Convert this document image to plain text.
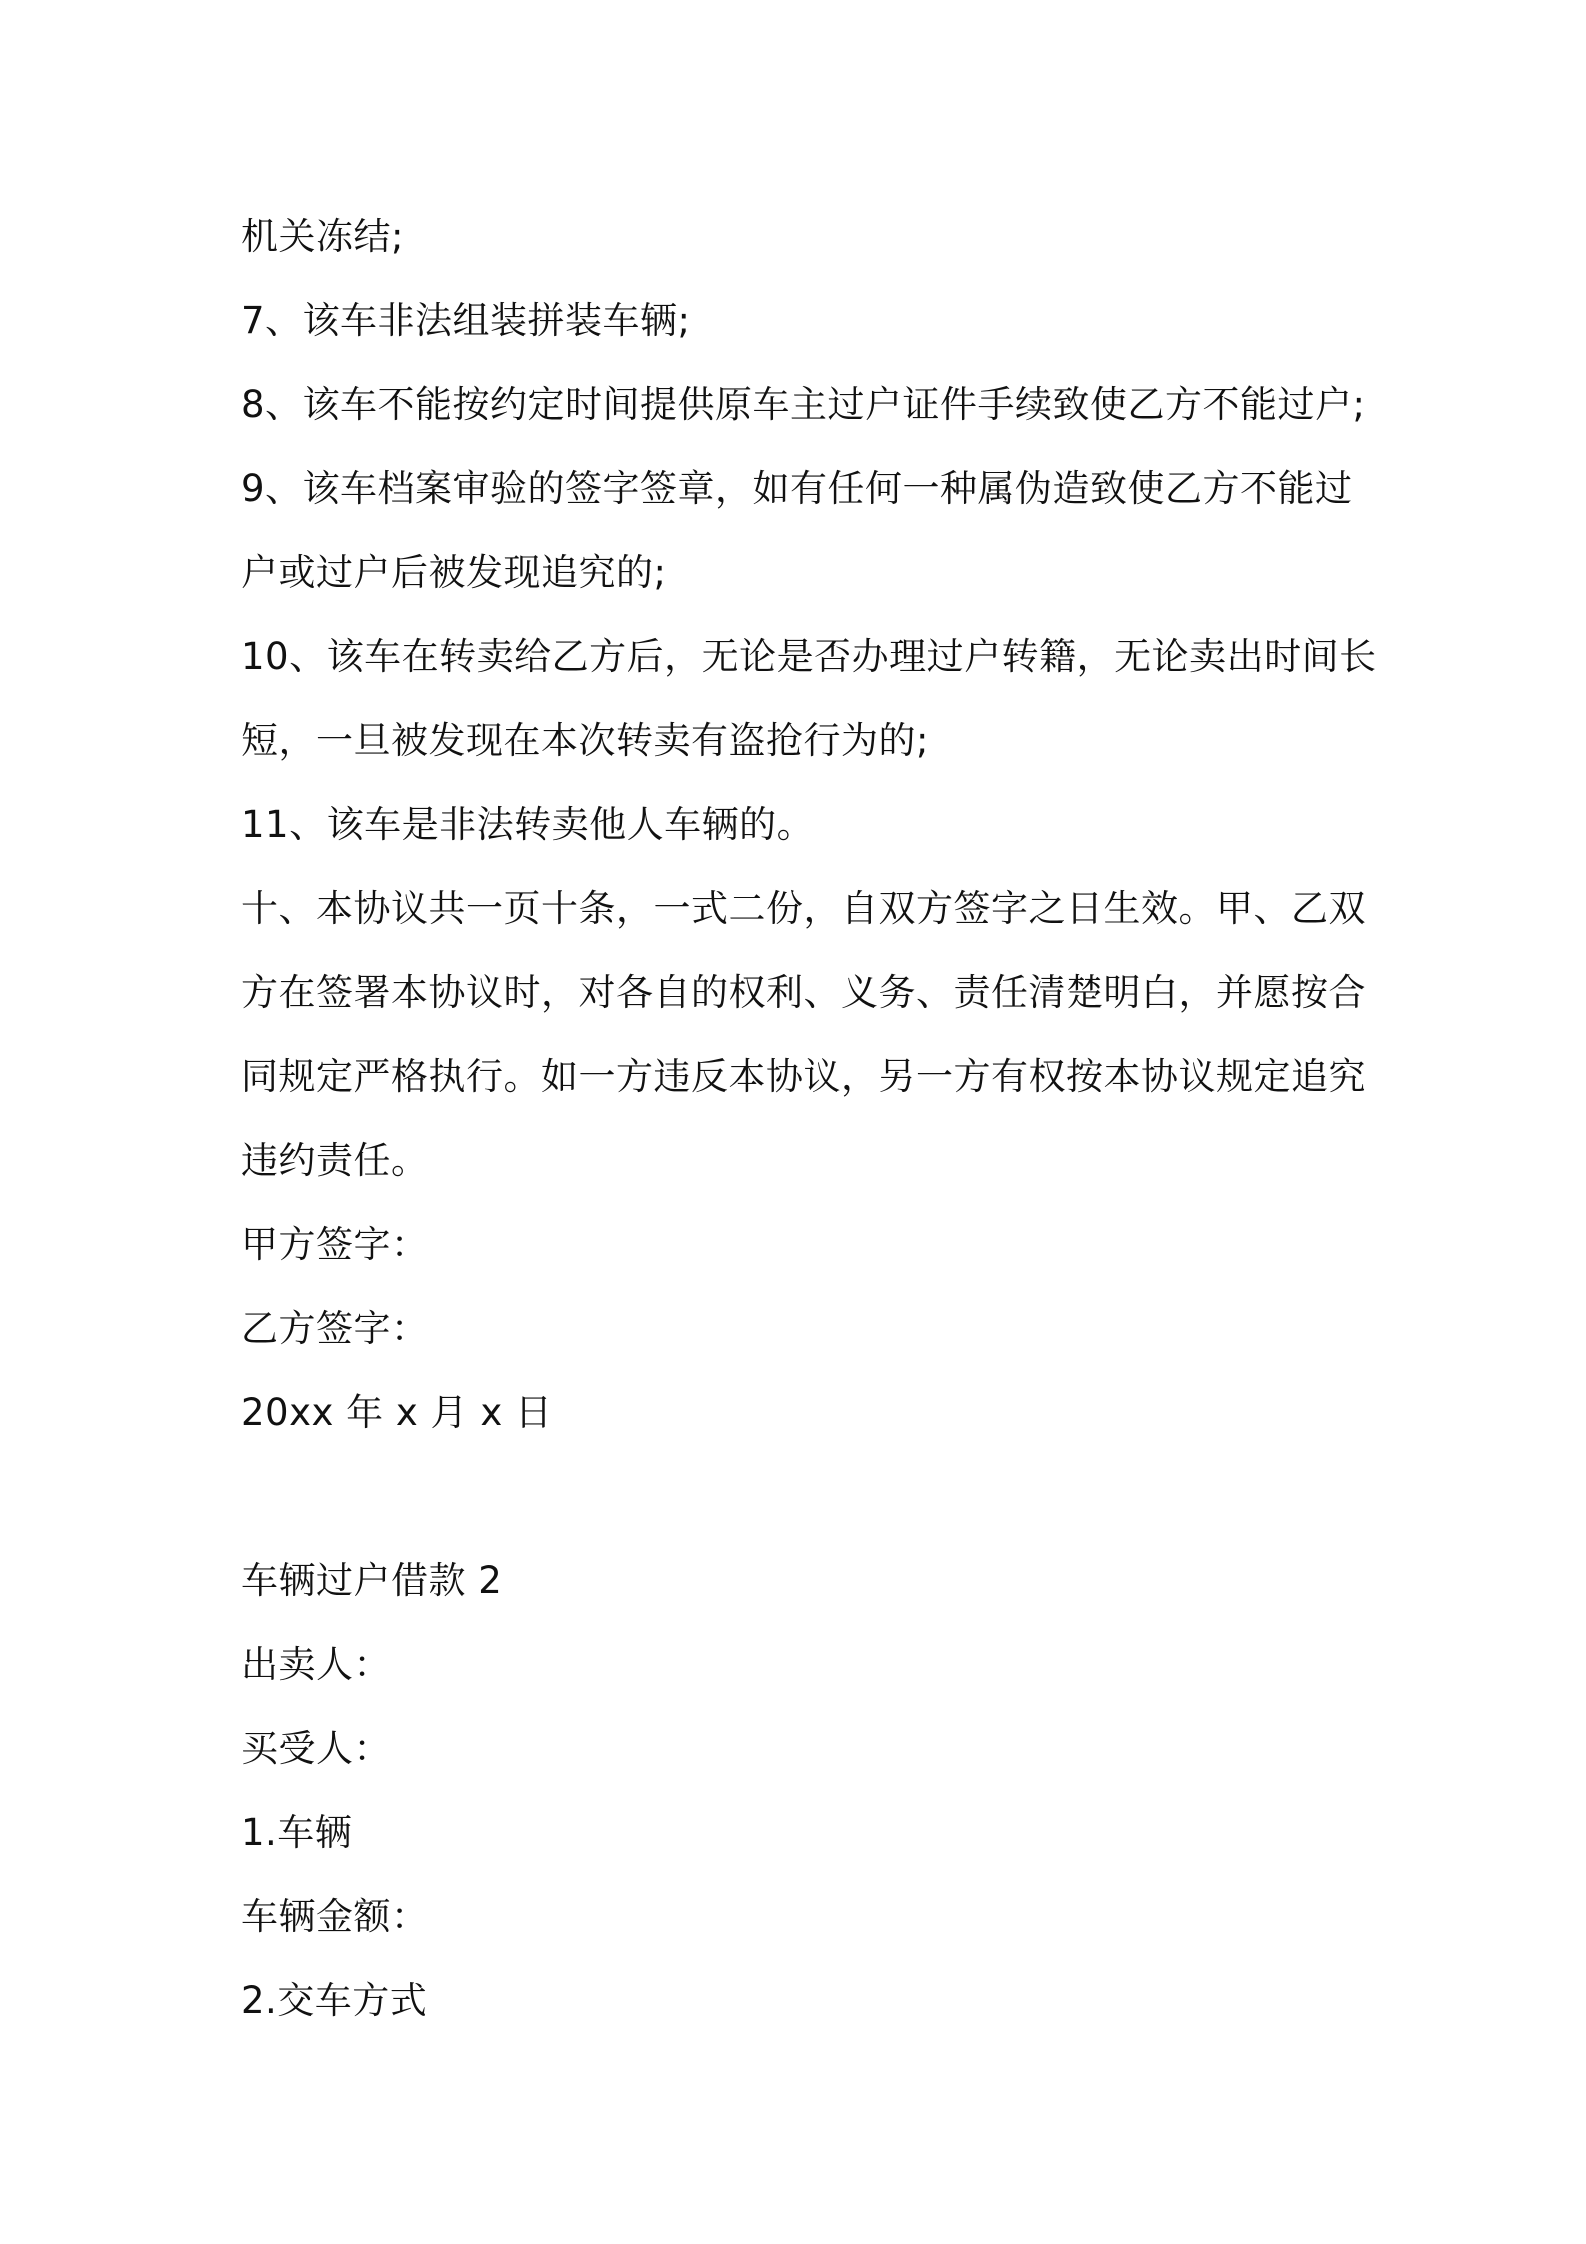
机关冻结;
7、该车非法组装拼装车辆;
8、该车不能按约定时间提供原车主过户证件手续致使乙方不能过户;
9、该车档案审验的签字签章，如有任何一种属伪造致使乙方不能过
户或过户后被发现追究的;
10、该车在转卖给乙方后，无论是否办理过户转籍，无论卖出时间长
短，一旦被发现在本次转卖有盗抢行为的;
11、该车是非法转卖他人车辆的。
十、本协议共一页十条，一式二份，自双方签字之日生效。甲、乙双
方在签署本协议时，对各自的权利、义务、责任清楚明白，并愿按合
同规定严格执行。如一方违反本协议，另一方有权按本协议规定追究
违约责任。
甲方签字：
乙方签字：
20xx 年 x 月 x 日
车辆过户借款 2
出卖人：
买受人：
1.车辆
车辆金额：
2.交车方式
